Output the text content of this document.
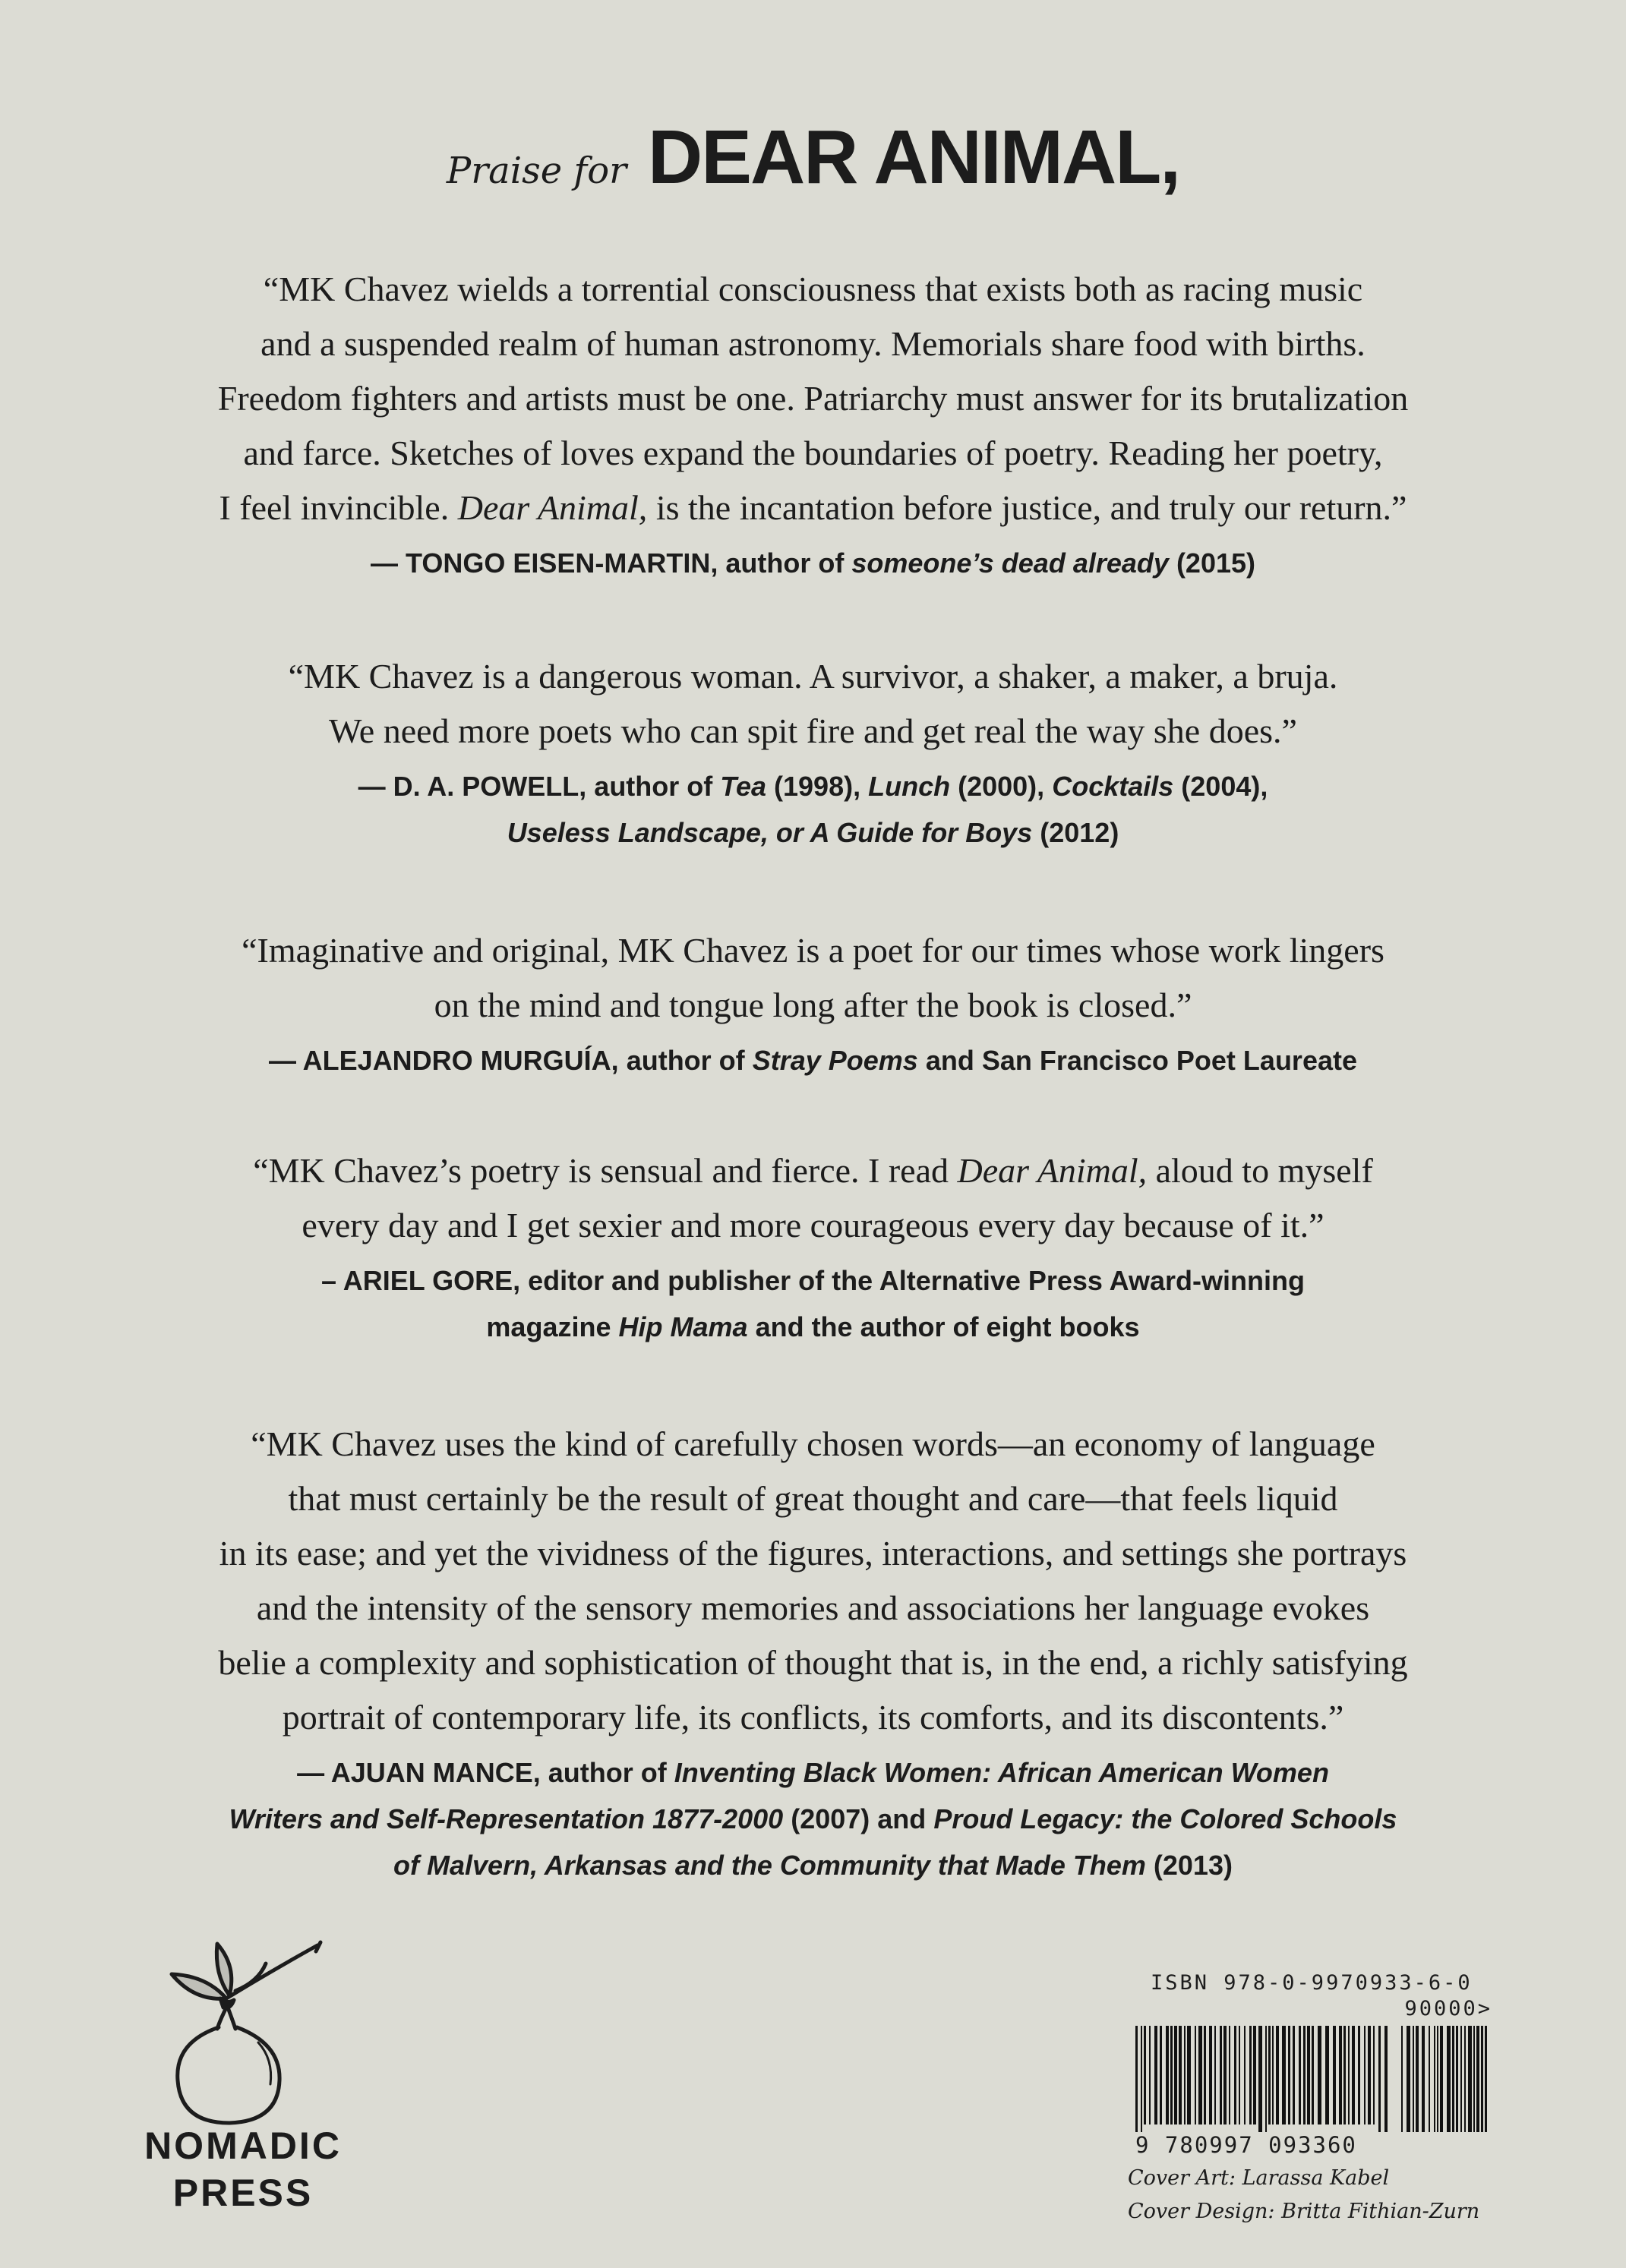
Praise for DEAR ANIMAL,

“MK Chavez wields a torrential consciousness that exists both as racing music
and a suspended realm of human astronomy. Memorials share food with births.
Freedom fighters and artists must be one. Patriarchy must answer for its brutalization
and farce. Sketches of loves expand the boundaries of poetry. Reading her poetry,
I feel invincible. Dear Animal, is the incantation before justice, and truly our return.”

— TONGO EISEN-MARTIN, author of someone’s dead already (2015)

“MK Chavez is a dangerous woman. A survivor, a shaker, a maker, a bruja.
We need more poets who can spit fire and get real the way she does.”

— D. A. POWELL, author of Tea (1998), Lunch (2000), Cocktails (2004),
Useless Landscape, or A Guide for Boys (2012)

“Imaginative and original, MK Chavez is a poet for our times whose work lingers
on the mind and tongue long after the book is closed.”

— ALEJANDRO MURGUÍA, author of Stray Poems and San Francisco Poet Laureate

“MK Chavez’s poetry is sensual and fierce. I read Dear Animal, aloud to myself
every day and I get sexier and more courageous every day because of it.”

– ARIEL GORE, editor and publisher of the Alternative Press Award-winning
magazine Hip Mama and the author of eight books

“MK Chavez uses the kind of carefully chosen words—an economy of language
that must certainly be the result of great thought and care—that feels liquid
in its ease; and yet the vividness of the figures, interactions, and settings she portrays
and the intensity of the sensory memories and associations her language evokes
belie a complexity and sophistication of thought that is, in the end, a richly satisfying
portrait of contemporary life, its conflicts, its comforts, and its discontents.”

— AJUAN MANCE, author of Inventing Black Women: African American Women
Writers and Self-Representation 1877-2000 (2007) and Proud Legacy: the Colored Schools
of Malvern, Arkansas and the Community that Made Them (2013)

NOMADIC
PRESS
ISBN 978-0-9970933-6-0
90000>
9 780997 093360
Cover Art: Larassa Kabel
Cover Design: Britta Fithian-Zurn
